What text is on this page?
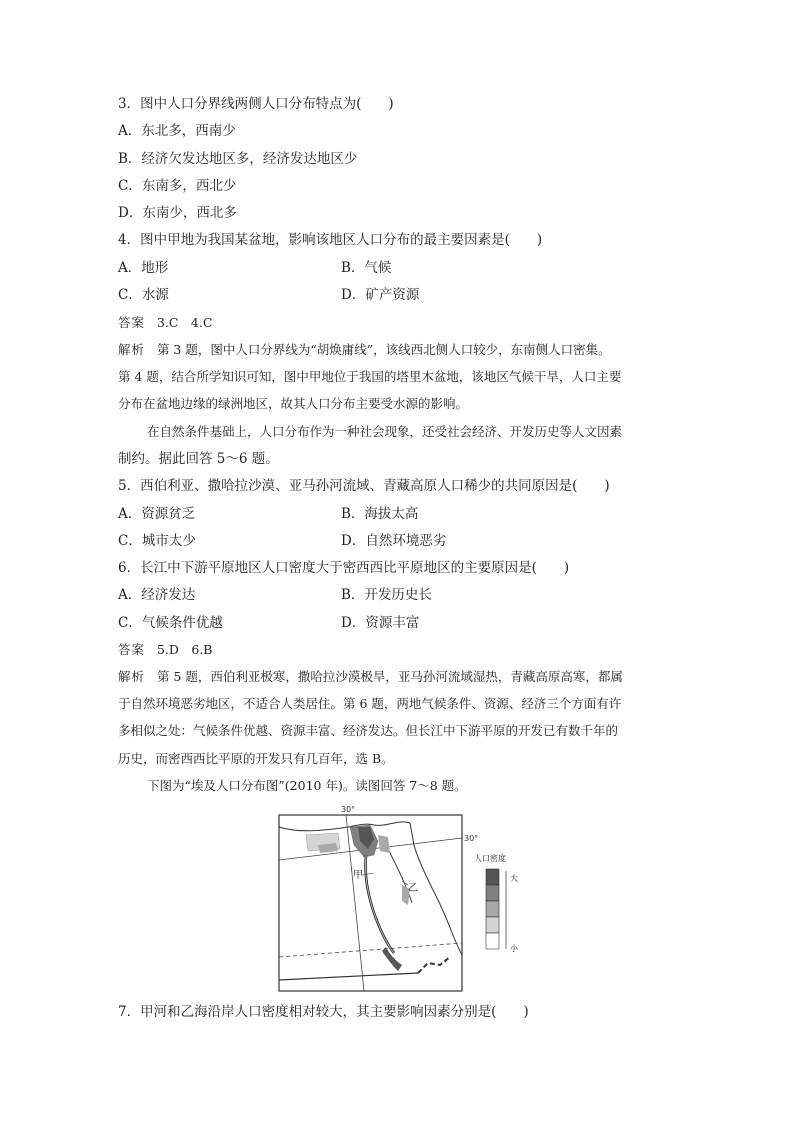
3．图中人口分界线两侧人口分布特点为(　　)
A．东北多，西南少
B．经济欠发达地区多，经济发达地区少
C．东南多，西北少
D．东南少，西北多
4．图中甲地为我国某盆地，影响该地区人口分布的最主要因素是(　　)
A．地形	B．气候
C．水源	D．矿产资源
答案 3.C　4.C
解析 第 3 题，图中人口分界线为“胡焕庸线”，该线西北侧人口较少，东南侧人口密集。
第 4 题，结合所学知识可知，图中甲地位于我国的塔里木盆地，该地区气候干旱，人口主要
分布在盆地边缘的绿洲地区，故其人口分布主要受水源的影响。
在自然条件基础上，人口分布作为一种社会现象，还受社会经济、开发历史等人文因素
制约。据此回答 5～6 题。
5．西伯利亚、撒哈拉沙漠、亚马孙河流域、青藏高原人口稀少的共同原因是(　　)
A．资源贫乏	B．海拔太高
C．城市太少	D．自然环境恶劣
6．长江中下游平原地区人口密度大于密西西比平原地区的主要原因是(　　)
A．经济发达	B．开发历史长
C．气候条件优越	D．资源丰富
答案 5.D　6.B
解析 第 5 题，西伯利亚极寒，撒哈拉沙漠极旱，亚马孙河流域湿热，青藏高原高寒，都属
于自然环境恶劣地区，不适合人类居住。第 6 题，两地气候条件、资源、经济三个方面有许
多相似之处：气候条件优越、资源丰富、经济发达。但长江中下游平原的开发已有数千年的
历史，而密西西比平原的开发只有几百年，选 B。
下图为“埃及人口分布图”(2010 年)。读图回答 7～8 题。
30°
30°
甲
乙
人口密度
大
小
7．甲河和乙海沿岸人口密度相对较大，其主要影响因素分别是(　　)
